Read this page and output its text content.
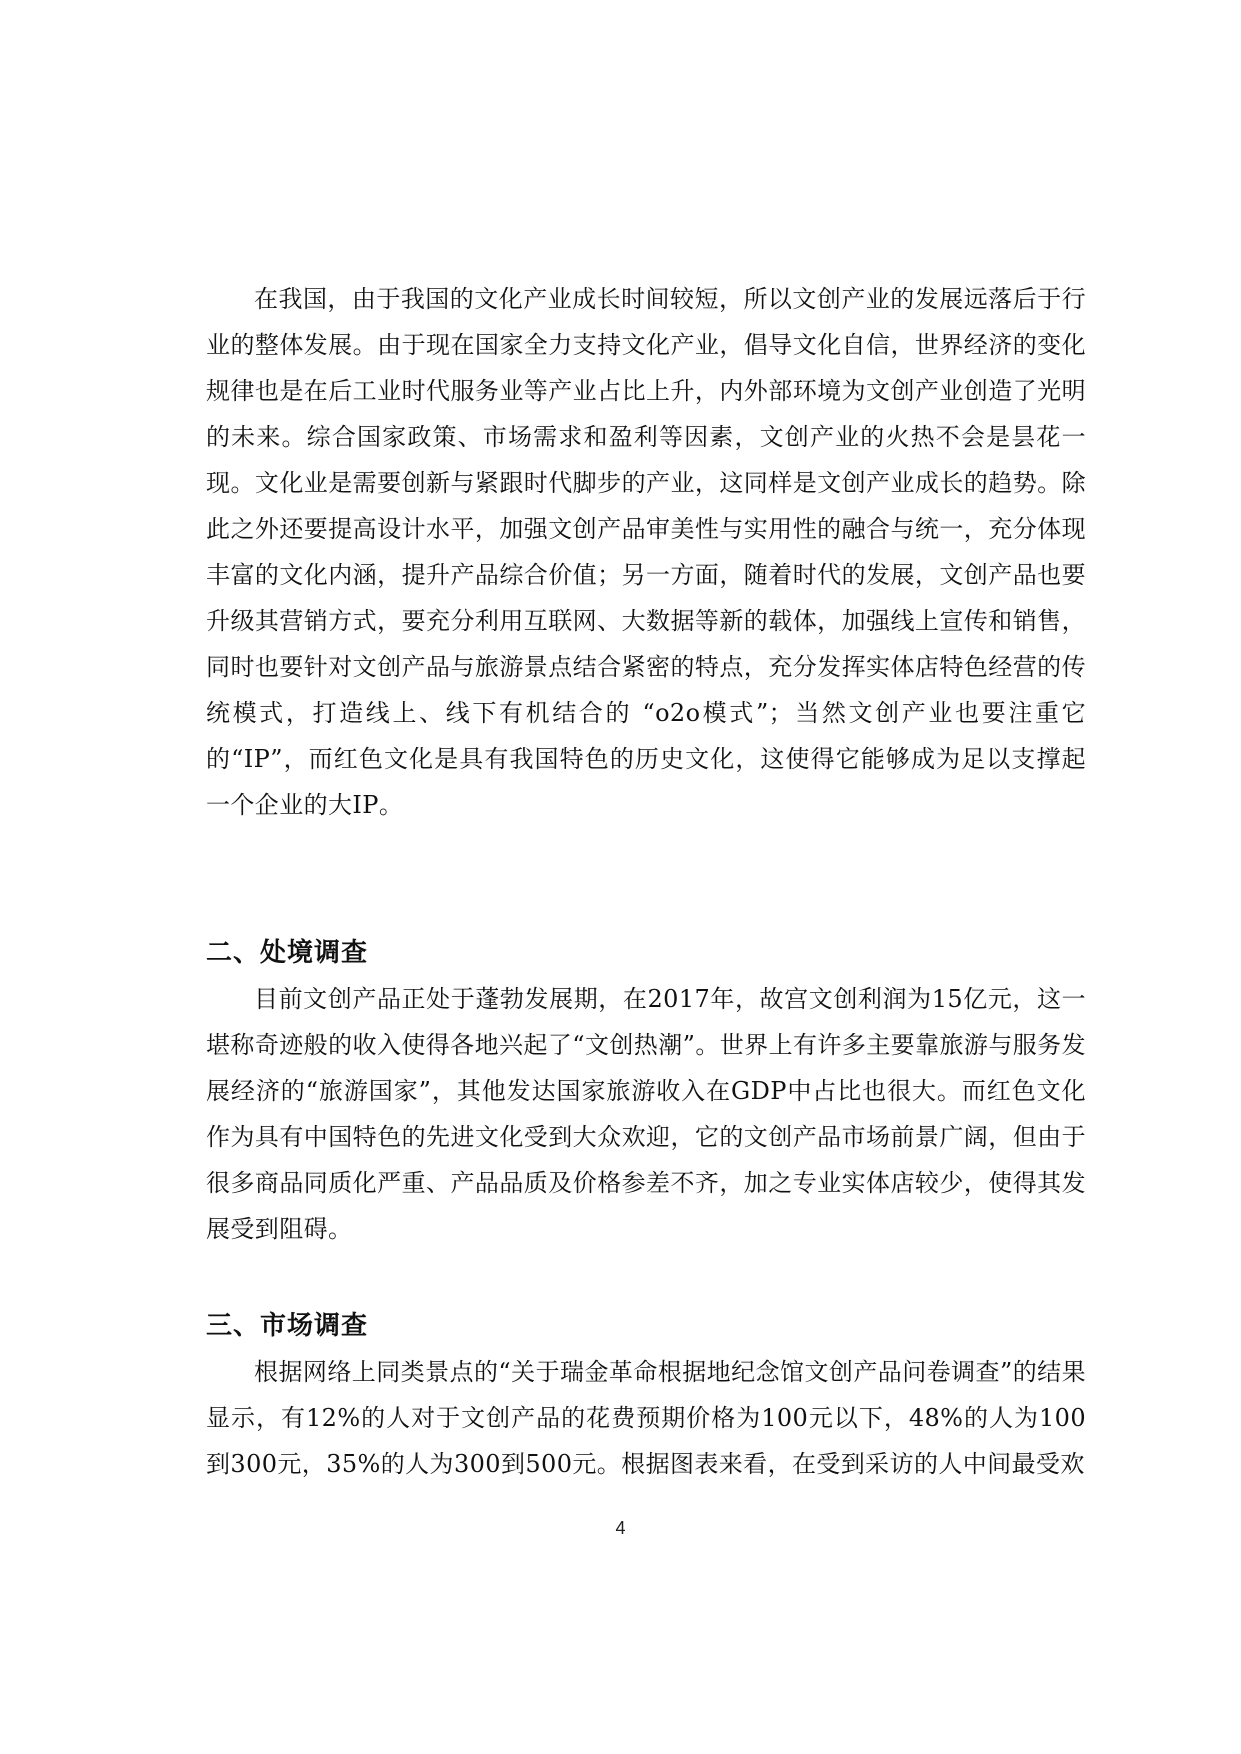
在我国，由于我国的文化产业成长时间较短，所以文创产业的发展远落后于行业的整体发展。由于现在国家全力支持文化产业，倡导文化自信，世界经济的变化规律也是在后工业时代服务业等产业占比上升，内外部环境为文创产业创造了光明的未来。综合国家政策、市场需求和盈利等因素，文创产业的火热不会是昙花一现。文化业是需要创新与紧跟时代脚步的产业，这同样是文创产业成长的趋势。除此之外还要提高设计水平，加强文创产品审美性与实用性的融合与统一，充分体现丰富的文化内涵，提升产品综合价值；另一方面，随着时代的发展，文创产品也要升级其营销方式，要充分利用互联网、大数据等新的载体，加强线上宣传和销售，同时也要针对文创产品与旅游景点结合紧密的特点，充分发挥实体店特色经营的传统模式，打造线上、线下有机结合的 “o2o模式”；当然文创产业也要注重它的“IP”，而红色文化是具有我国特色的历史文化，这使得它能够成为足以支撑起一个企业的大IP。

二、处境调查

目前文创产品正处于蓬勃发展期，在2017年，故宫文创利润为15亿元，这一堪称奇迹般的收入使得各地兴起了“文创热潮”。世界上有许多主要靠旅游与服务发展经济的“旅游国家”，其他发达国家旅游收入在GDP中占比也很大。而红色文化作为具有中国特色的先进文化受到大众欢迎，它的文创产品市场前景广阔，但由于很多商品同质化严重、产品品质及价格参差不齐，加之专业实体店较少，使得其发展受到阻碍。

三、市场调查

根据网络上同类景点的“关于瑞金革命根据地纪念馆文创产品问卷调查”的结果显示，有12%的人对于文创产品的花费预期价格为100元以下，48%的人为100到300元，35%的人为300到500元。根据图表来看，在受到采访的人中间最受欢

4
